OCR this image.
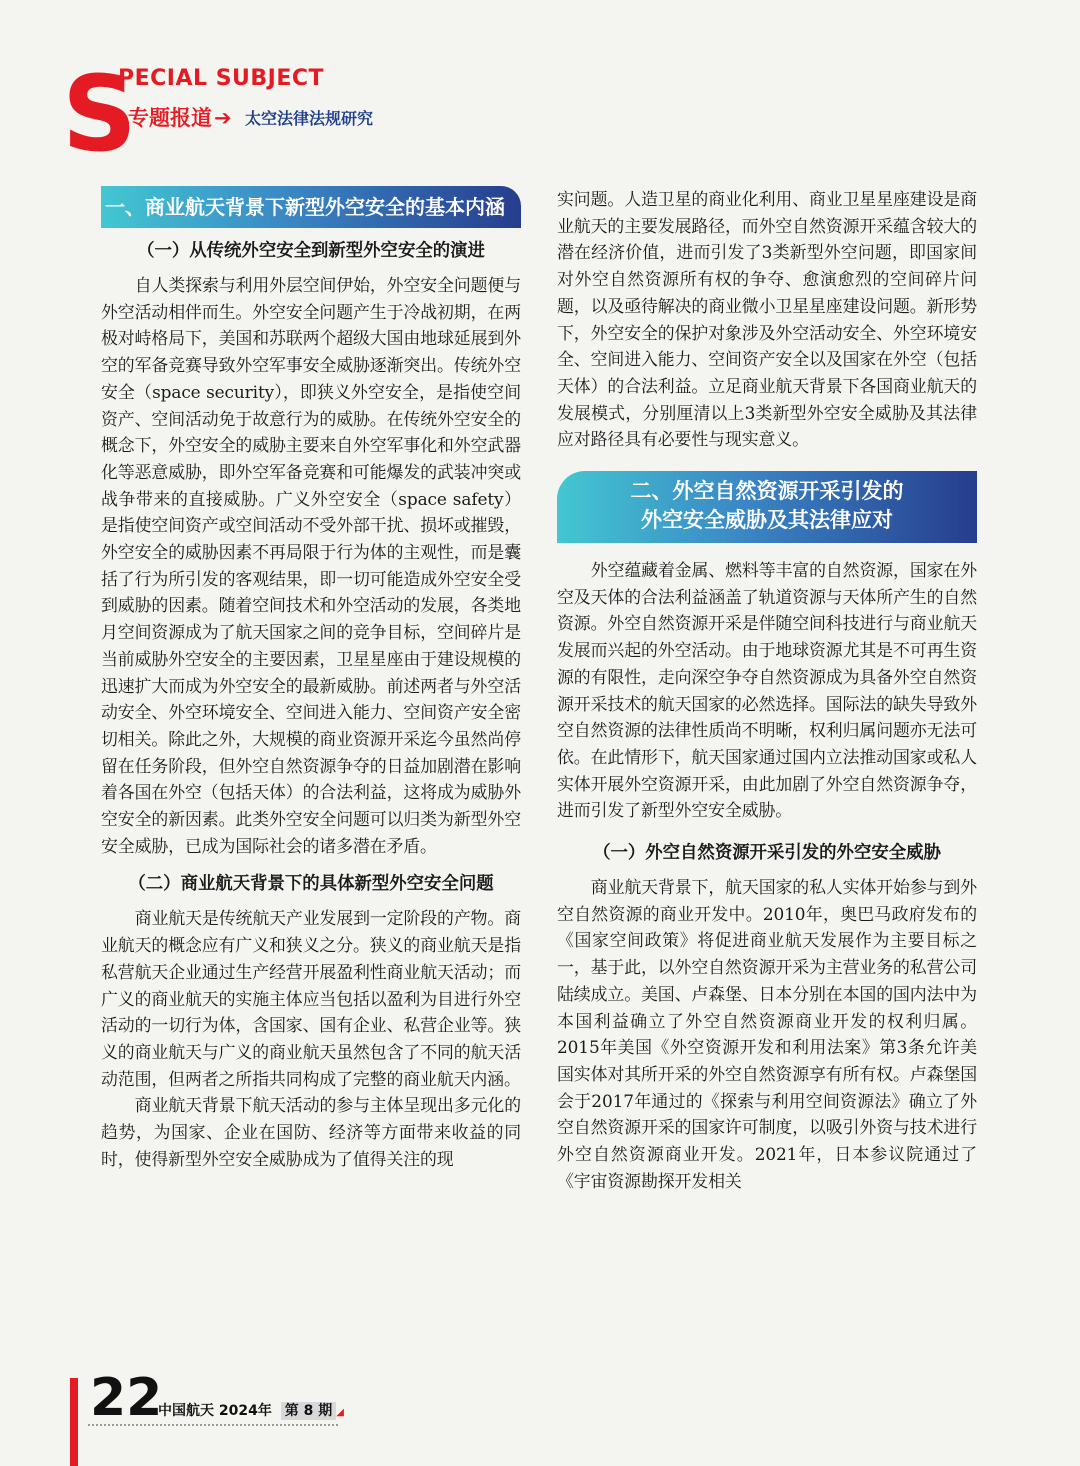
S
PECIAL SUBJECT
专题报道➔ 太空法律法规研究
一、商业航天背景下新型外空安全的基本内涵
（一）从传统外空安全到新型外空安全的演进

自人类探索与利用外层空间伊始，外空安全问题便与外空活动相伴而生。外空安全问题产生于冷战初期，在两极对峙格局下，美国和苏联两个超级大国由地球延展到外空的军备竞赛导致外空军事安全威胁逐渐突出。传统外空安全（space security），即狭义外空安全，是指使空间资产、空间活动免于故意行为的威胁。在传统外空安全的概念下，外空安全的威胁主要来自外空军事化和外空武器化等恶意威胁，即外空军备竞赛和可能爆发的武装冲突或战争带来的直接威胁。广义外空安全（space safety）是指使空间资产或空间活动不受外部干扰、损坏或摧毁，外空安全的威胁因素不再局限于行为体的主观性，而是囊括了行为所引发的客观结果，即一切可能造成外空安全受到威胁的因素。随着空间技术和外空活动的发展，各类地月空间资源成为了航天国家之间的竞争目标，空间碎片是当前威胁外空安全的主要因素，卫星星座由于建设规模的迅速扩大而成为外空安全的最新威胁。前述两者与外空活动安全、外空环境安全、空间进入能力、空间资产安全密切相关。除此之外，大规模的商业资源开采迄今虽然尚停留在任务阶段，但外空自然资源争夺的日益加剧潜在影响着各国在外空（包括天体）的合法利益，这将成为威胁外空安全的新因素。此类外空安全问题可以归类为新型外空安全威胁，已成为国际社会的诸多潜在矛盾。

（二）商业航天背景下的具体新型外空安全问题

商业航天是传统航天产业发展到一定阶段的产物。商业航天的概念应有广义和狭义之分。狭义的商业航天是指私营航天企业通过生产经营开展盈利性商业航天活动；而广义的商业航天的实施主体应当包括以盈利为目进行外空活动的一切行为体，含国家、国有企业、私营企业等。狭义的商业航天与广义的商业航天虽然包含了不同的航天活动范围，但两者之所指共同构成了完整的商业航天内涵。

商业航天背景下航天活动的参与主体呈现出多元化的趋势，为国家、企业在国防、经济等方面带来收益的同时，使得新型外空安全威胁成为了值得关注的现

实问题。人造卫星的商业化利用、商业卫星星座建设是商业航天的主要发展路径，而外空自然资源开采蕴含较大的潜在经济价值，进而引发了3类新型外空问题，即国家间对外空自然资源所有权的争夺、愈演愈烈的空间碎片问题，以及亟待解决的商业微小卫星星座建设问题。新形势下，外空安全的保护对象涉及外空活动安全、外空环境安全、空间进入能力、空间资产安全以及国家在外空（包括天体）的合法利益。立足商业航天背景下各国商业航天的发展模式，分别厘清以上3类新型外空安全威胁及其法律应对路径具有必要性与现实意义。

二、外空自然资源开采引发的
外空安全威胁及其法律应对

外空蕴藏着金属、燃料等丰富的自然资源，国家在外空及天体的合法利益涵盖了轨道资源与天体所产生的自然资源。外空自然资源开采是伴随空间科技进行与商业航天发展而兴起的外空活动。由于地球资源尤其是不可再生资源的有限性，走向深空争夺自然资源成为具备外空自然资源开采技术的航天国家的必然选择。国际法的缺失导致外空自然资源的法律性质尚不明晰，权利归属问题亦无法可依。在此情形下，航天国家通过国内立法推动国家或私人实体开展外空资源开采，由此加剧了外空自然资源争夺，进而引发了新型外空安全威胁。

（一）外空自然资源开采引发的外空安全威胁

商业航天背景下，航天国家的私人实体开始参与到外空自然资源的商业开发中。2010年，奥巴马政府发布的《国家空间政策》将促进商业航天发展作为主要目标之一，基于此，以外空自然资源开采为主营业务的私营公司陆续成立。美国、卢森堡、日本分别在本国的国内法中为本国利益确立了外空自然资源商业开发的权利归属。2015年美国《外空资源开发和利用法案》第3条允许美国实体对其所开采的外空自然资源享有所有权。卢森堡国会于2017年通过的《探索与利用空间资源法》确立了外空自然资源开采的国家许可制度，以吸引外资与技术进行外空自然资源商业开发。2021年，日本参议院通过了《宇宙资源勘探开发相关

22
中国航天 2024年 第 8 期 ◢
